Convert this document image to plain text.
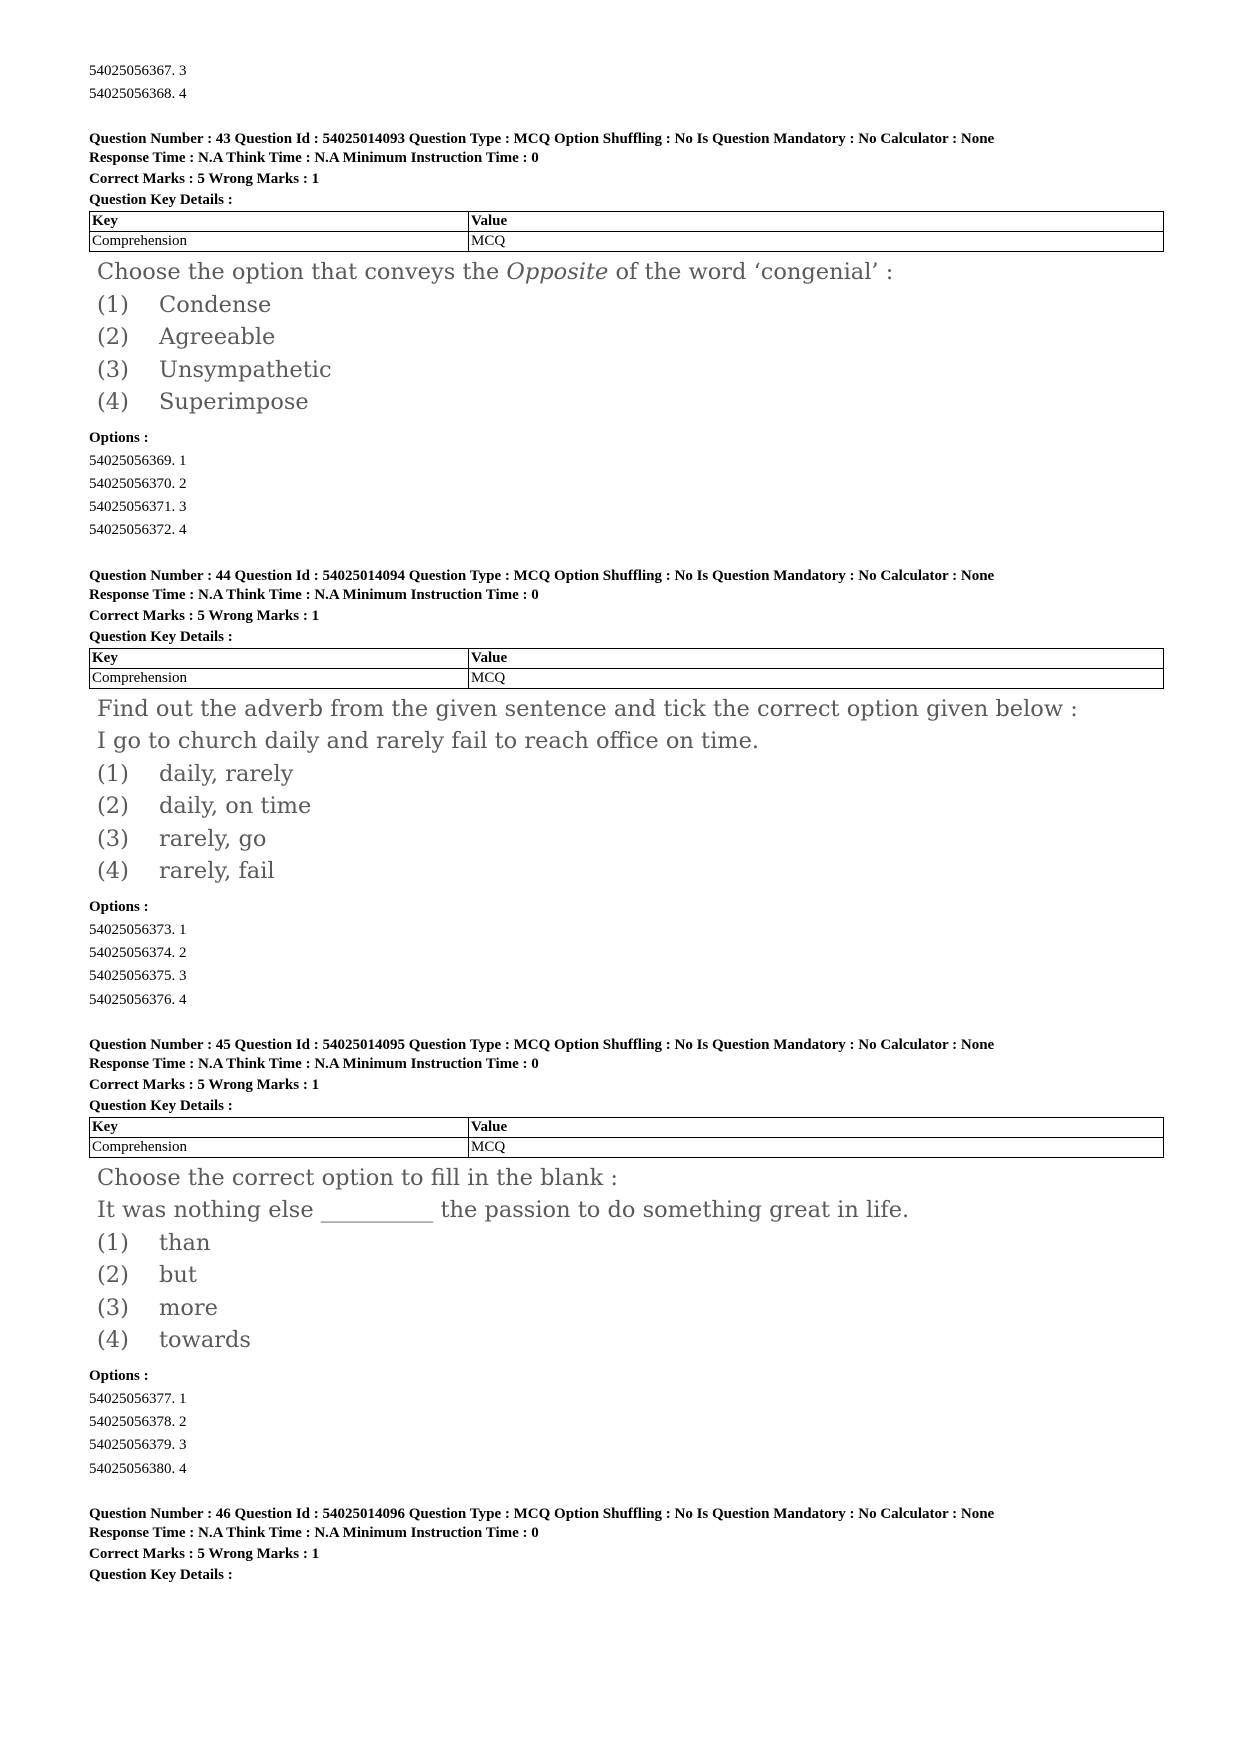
54025056367. 3
54025056368. 4
Question Number : 43 Question Id : 54025014093 Question Type : MCQ Option Shuffling : No Is Question Mandatory : No Calculator : None
Response Time : N.A Think Time : N.A Minimum Instruction Time : 0
Correct Marks : 5 Wrong Marks : 1
Question Key Details :
Key	Value
Comprehension	MCQ
Choose the option that conveys the Opposite of the word ‘congenial’ :
(1)	Condense
(2)	Agreeable
(3)	Unsympathetic
(4)	Superimpose
Options :
54025056369. 1
54025056370. 2
54025056371. 3
54025056372. 4
Question Number : 44 Question Id : 54025014094 Question Type : MCQ Option Shuffling : No Is Question Mandatory : No Calculator : None
Response Time : N.A Think Time : N.A Minimum Instruction Time : 0
Correct Marks : 5 Wrong Marks : 1
Question Key Details :
Key	Value
Comprehension	MCQ
Find out the adverb from the given sentence and tick the correct option given below :
I go to church daily and rarely fail to reach office on time.
(1)	daily, rarely
(2)	daily, on time
(3)	rarely, go
(4)	rarely, fail
Options :
54025056373. 1
54025056374. 2
54025056375. 3
54025056376. 4
Question Number : 45 Question Id : 54025014095 Question Type : MCQ Option Shuffling : No Is Question Mandatory : No Calculator : None
Response Time : N.A Think Time : N.A Minimum Instruction Time : 0
Correct Marks : 5 Wrong Marks : 1
Question Key Details :
Key	Value
Comprehension	MCQ
Choose the correct option to fill in the blank :
It was nothing else __________ the passion to do something great in life.
(1)	than
(2)	but
(3)	more
(4)	towards
Options :
54025056377. 1
54025056378. 2
54025056379. 3
54025056380. 4
Question Number : 46 Question Id : 54025014096 Question Type : MCQ Option Shuffling : No Is Question Mandatory : No Calculator : None
Response Time : N.A Think Time : N.A Minimum Instruction Time : 0
Correct Marks : 5 Wrong Marks : 1
Question Key Details :
